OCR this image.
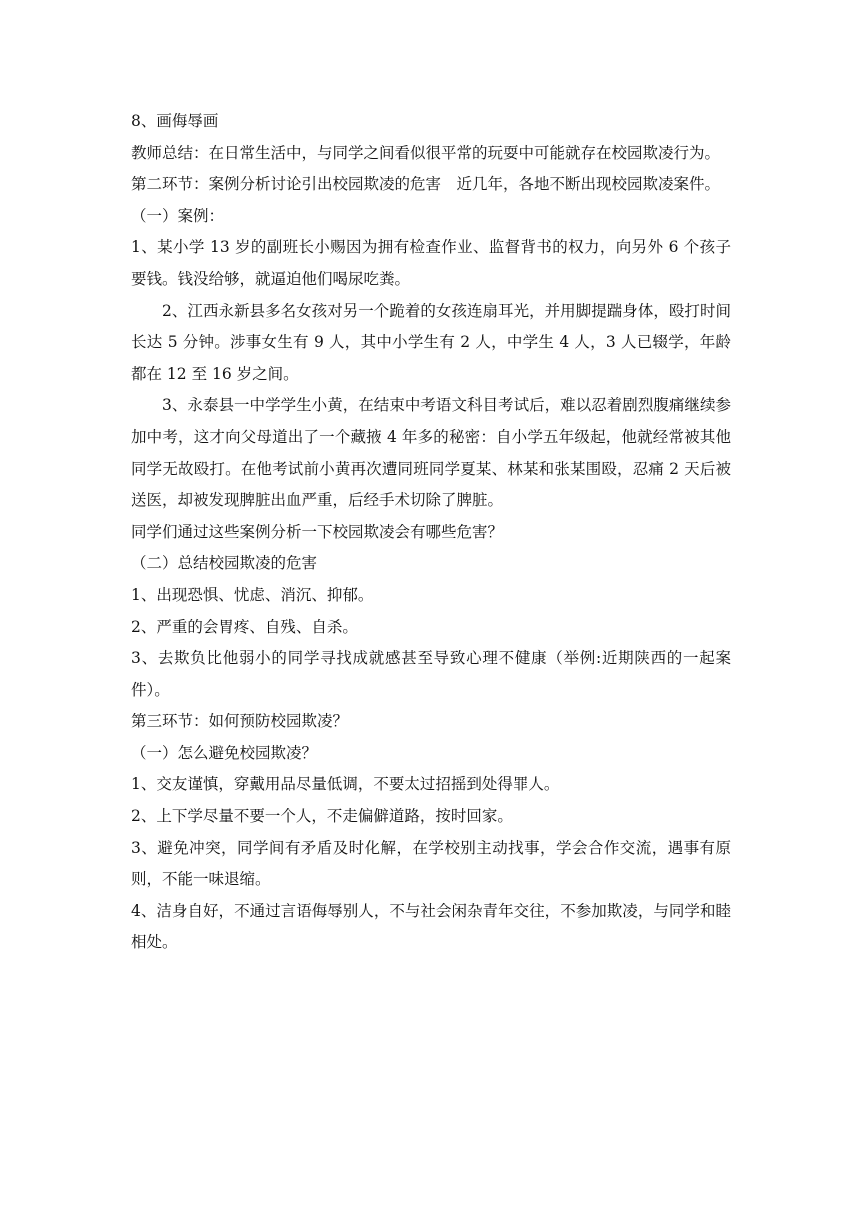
8、画侮辱画

教师总结：在日常生活中，与同学之间看似很平常的玩耍中可能就存在校园欺凌行为。

第二环节：案例分析讨论引出校园欺凌的危害　近几年，各地不断出现校园欺凌案件。

（一）案例：

1、某小学 13 岁的副班长小赐因为拥有检查作业、监督背书的权力，向另外 6 个孩子要钱。钱没给够，就逼迫他们喝尿吃粪。

2、江西永新县多名女孩对另一个跪着的女孩连扇耳光，并用脚提踹身体，殴打时间长达 5 分钟。涉事女生有 9 人，其中小学生有 2 人，中学生 4 人，3 人已辍学，年龄都在 12 至 16 岁之间。

3、永泰县一中学学生小黄，在结束中考语文科目考试后，难以忍着剧烈腹痛继续参加中考，这才向父母道出了一个藏掖 4 年多的秘密：自小学五年级起，他就经常被其他同学无故殴打。在他考试前小黄再次遭同班同学夏某、林某和张某围殴，忍痛 2 天后被送医，却被发现脾脏出血严重，后经手术切除了脾脏。

同学们通过这些案例分析一下校园欺凌会有哪些危害？

（二）总结校园欺凌的危害

1、出现恐惧、忧虑、消沉、抑郁。

2、严重的会胃疼、自残、自杀。

3、去欺负比他弱小的同学寻找成就感甚至导致心理不健康（举例:近期陕西的一起案件）。

第三环节：如何预防校园欺凌？

（一）怎么避免校园欺凌？

1、交友谨慎，穿戴用品尽量低调，不要太过招摇到处得罪人。

2、上下学尽量不要一个人，不走偏僻道路，按时回家。

3、避免冲突，同学间有矛盾及时化解，在学校别主动找事，学会合作交流，遇事有原则，不能一味退缩。

4、洁身自好，不通过言语侮辱别人，不与社会闲杂青年交往，不参加欺凌，与同学和睦相处。
